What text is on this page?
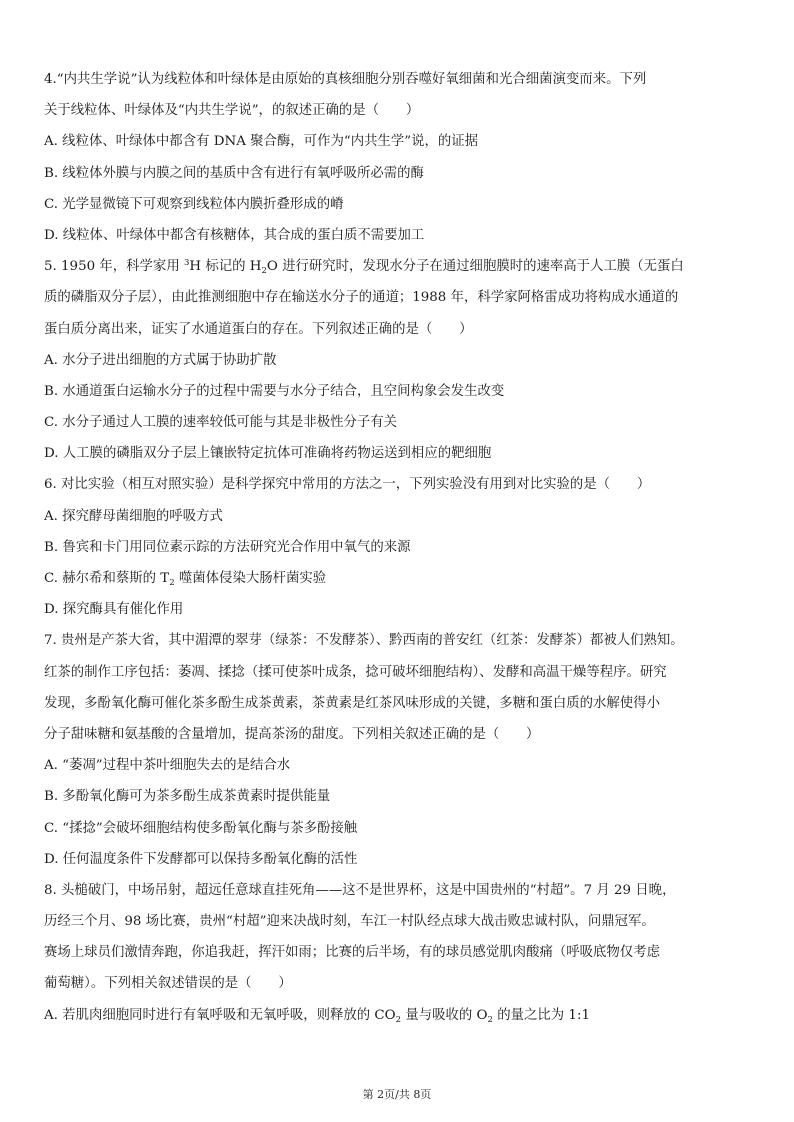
4.“内共生学说”认为线粒体和叶绿体是由原始的真核细胞分别吞噬好氧细菌和光合细菌演变而来。下列
关于线粒体、叶绿体及“内共生学说”，的叙述正确的是（　　）
A. 线粒体、叶绿体中都含有 DNA 聚合酶，可作为“内共生学”说，的证据
B. 线粒体外膜与内膜之间的基质中含有进行有氧呼吸所必需的酶
C. 光学显微镜下可观察到线粒体内膜折叠形成的嵴
D. 线粒体、叶绿体中都含有核糖体，其合成的蛋白质不需要加工
5. 1950 年，科学家用 $^3$H 标记的 $H_2O$ 进行研究时，发现水分子在通过细胞膜时的速率高于人工膜（无蛋白
质的磷脂双分子层），由此推测细胞中存在输送水分子的通道；1988 年，科学家阿格雷成功将构成水通道的
蛋白质分离出来，证实了水通道蛋白的存在。下列叙述正确的是（　　）
A. 水分子进出细胞的方式属于协助扩散
B. 水通道蛋白运输水分子的过程中需要与水分子结合，且空间构象会发生改变
C. 水分子通过人工膜的速率较低可能与其是非极性分子有关
D. 人工膜的磷脂双分子层上镶嵌特定抗体可准确将药物运送到相应的靶细胞
6. 对比实验（相互对照实验）是科学探究中常用的方法之一，下列实验没有用到对比实验的是（　　）
A. 探究酵母菌细胞的呼吸方式
B. 鲁宾和卡门用同位素示踪的方法研究光合作用中氧气的来源
C. 赫尔希和蔡斯的 $T_2$ 噬菌体侵染大肠杆菌实验
D. 探究酶具有催化作用
7. 贵州是产茶大省，其中湄潭的翠芽（绿茶：不发酵茶）、黔西南的普安红（红茶：发酵茶）都被人们熟知。
红茶的制作工序包括：萎凋、揉捻（揉可使茶叶成条，捻可破坏细胞结构）、发酵和高温干燥等程序。研究
发现，多酚氧化酶可催化茶多酚生成茶黄素，茶黄素是红茶风味形成的关键，多糖和蛋白质的水解使得小
分子甜味糖和氨基酸的含量增加，提高茶汤的甜度。下列相关叙述正确的是（　　）
A. “萎凋”过程中茶叶细胞失去的是结合水
B. 多酚氧化酶可为茶多酚生成茶黄素时提供能量
C. “揉捻”会破坏细胞结构使多酚氧化酶与茶多酚接触
D. 任何温度条件下发酵都可以保持多酚氧化酶的活性
8. 头槌破门，中场吊射，超远任意球直挂死角——这不是世界杯，这是中国贵州的“村超”。7 月 29 日晚，
历经三个月、98 场比赛，贵州“村超”迎来决战时刻，车江一村队经点球大战击败忠诚村队，问鼎冠军。
赛场上球员们激情奔跑，你追我赶，挥汗如雨；比赛的后半场，有的球员感觉肌肉酸痛（呼吸底物仅考虑
葡萄糖）。下列相关叙述错误的是（　　）
A. 若肌肉细胞同时进行有氧呼吸和无氧呼吸，则释放的 $CO_2$ 量与吸收的 $O_2$ 的量之比为 1:1
第 2页/共 8页
